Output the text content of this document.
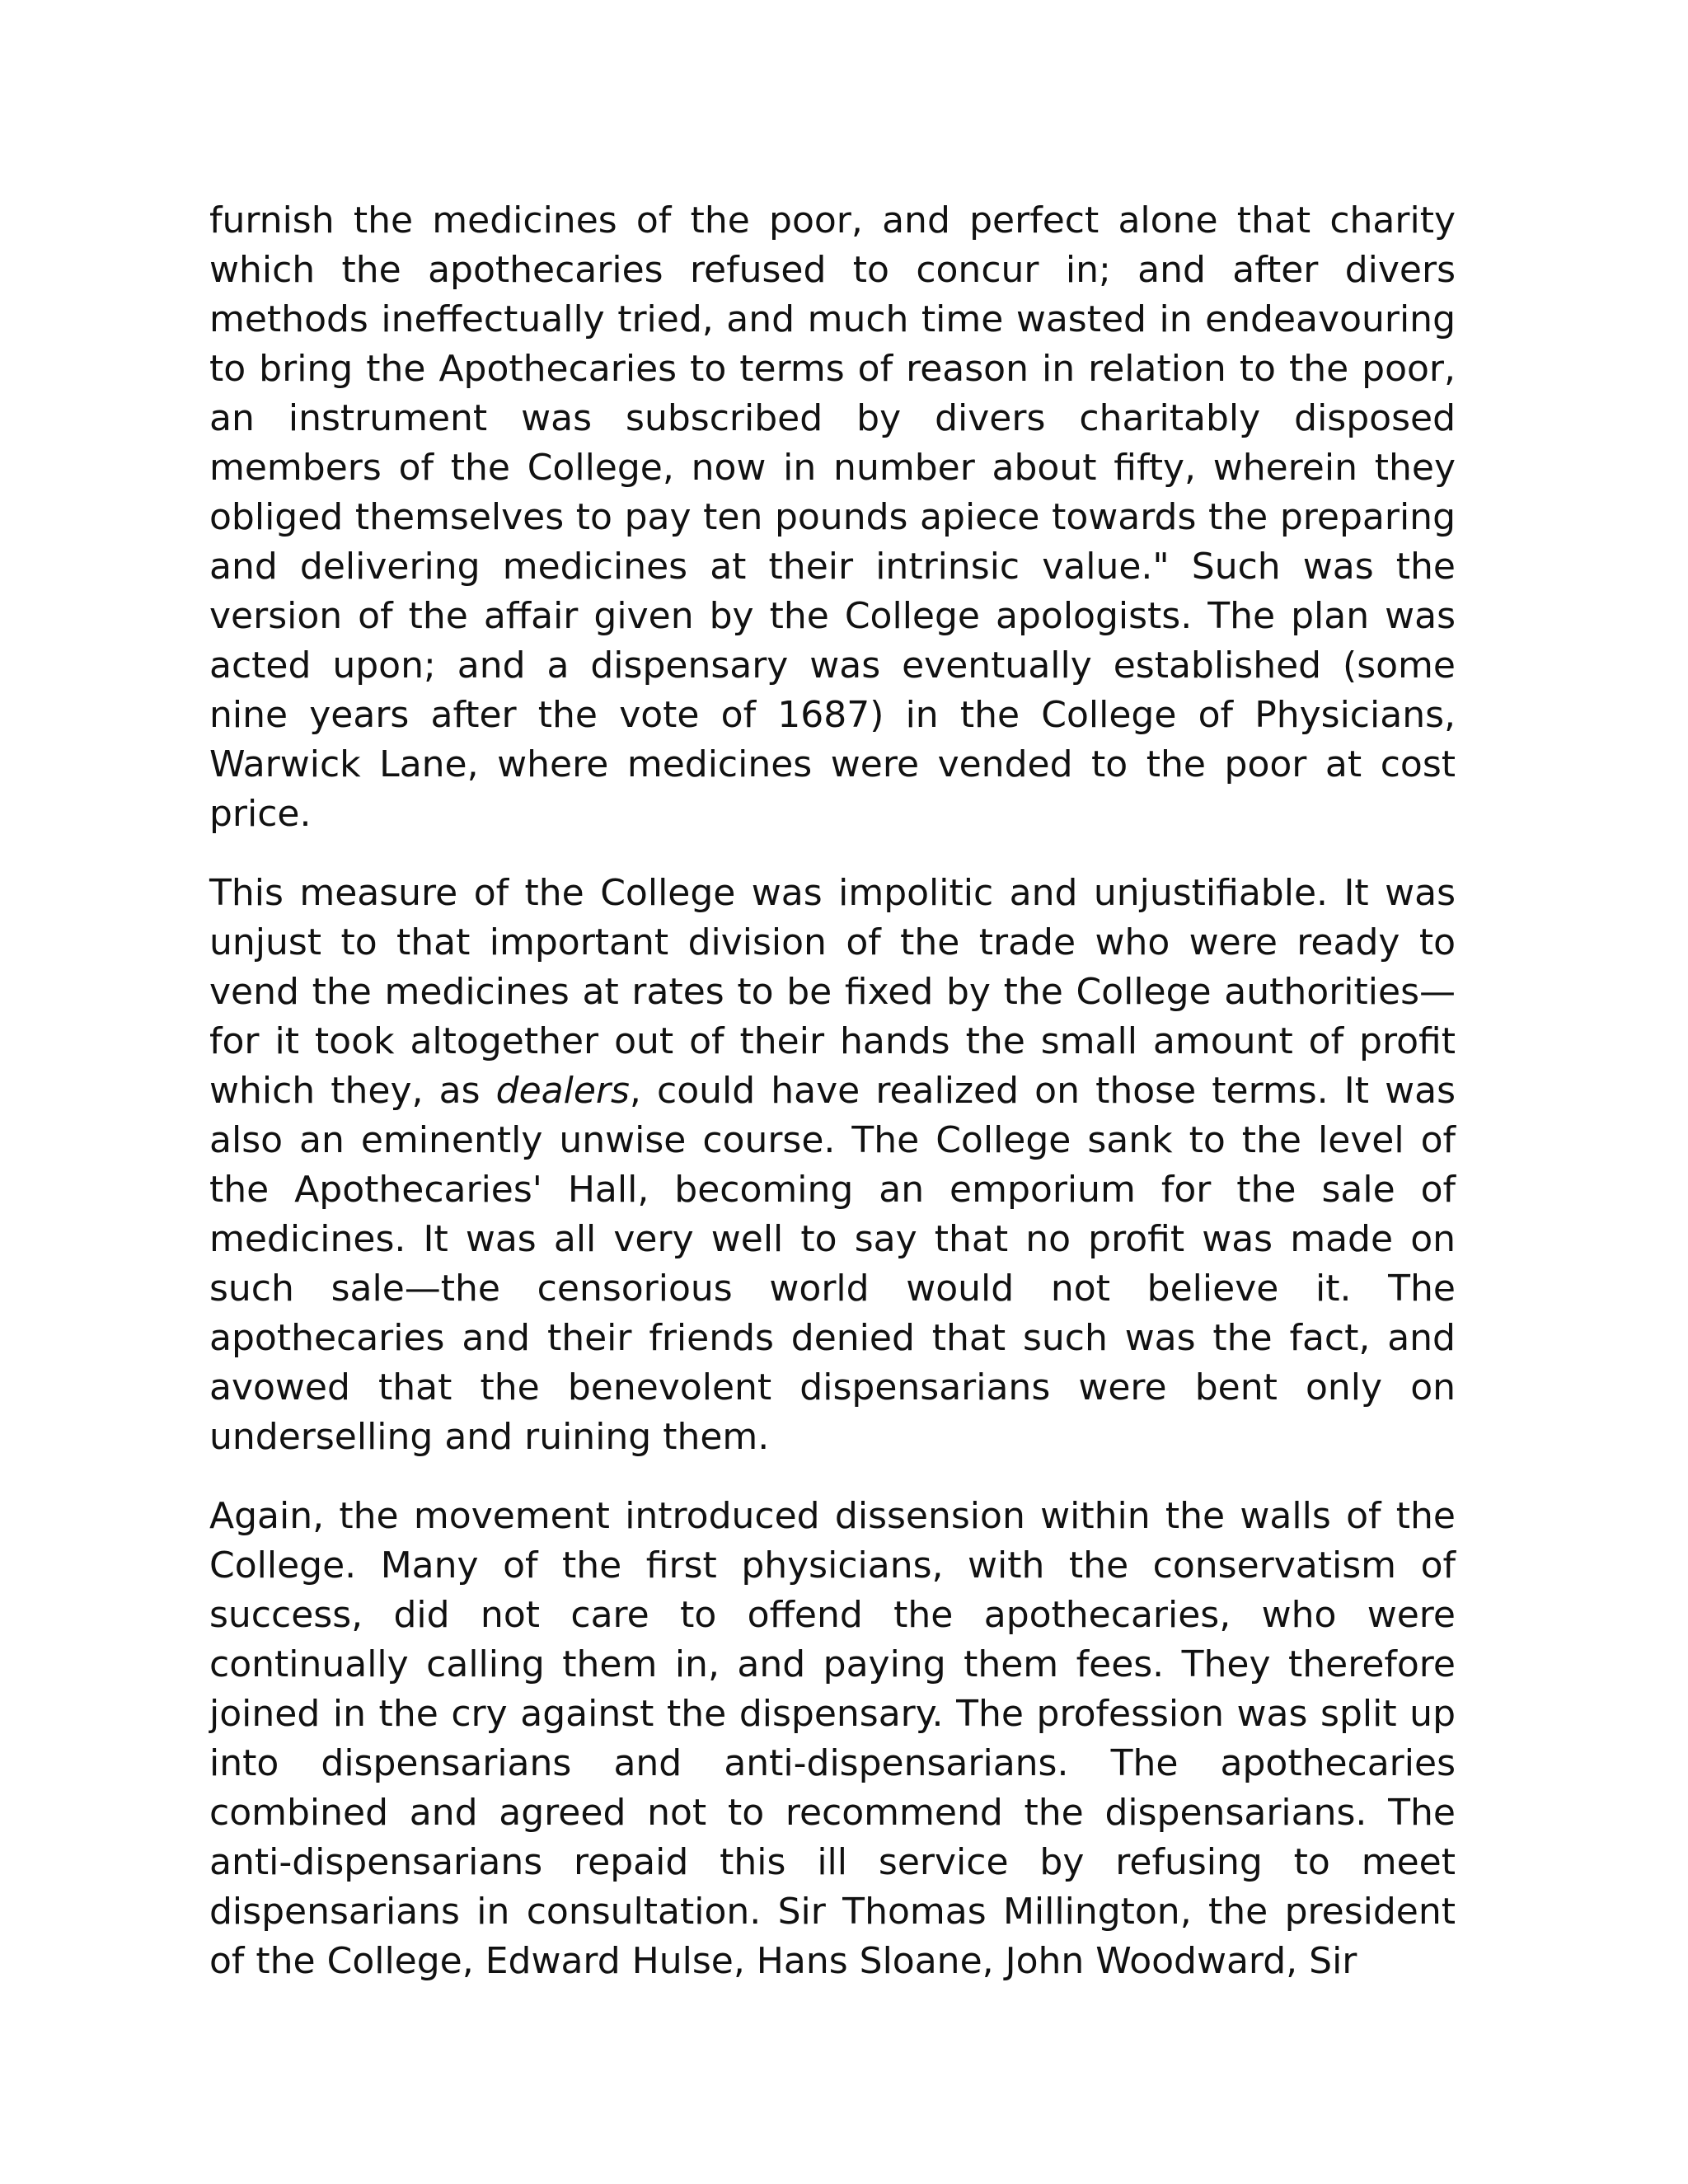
furnish the medicines of the poor, and perfect alone that charity which the apothecaries refused to concur in; and after divers methods ineffectually tried, and much time wasted in endeavouring to bring the Apothecaries to terms of reason in relation to the poor, an instrument was subscribed by divers charitably disposed members of the College, now in number about fifty, wherein they obliged themselves to pay ten pounds apiece towards the preparing and delivering medicines at their intrinsic value." Such was the version of the affair given by the College apologists. The plan was acted upon; and a dispensary was eventually established (some nine years after the vote of 1687) in the College of Physicians, Warwick Lane, where medicines were vended to the poor at cost price.

This measure of the College was impolitic and unjustifiable. It was unjust to that important division of the trade who were ready to vend the medicines at rates to be fixed by the College authorities—for it took altogether out of their hands the small amount of profit which they, as dealers, could have realized on those terms. It was also an eminently unwise course. The College sank to the level of the Apothecaries' Hall, becoming an emporium for the sale of medicines. It was all very well to say that no profit was made on such sale—the censorious world would not believe it. The apothecaries and their friends denied that such was the fact, and avowed that the benevolent dispensarians were bent only on underselling and ruining them.

Again, the movement introduced dissension within the walls of the College. Many of the first physicians, with the conservatism of success, did not care to offend the apothecaries, who were continually calling them in, and paying them fees. They therefore joined in the cry against the dispensary. The profession was split up into dispensarians and anti-dispensarians. The apothecaries combined and agreed not to recommend the dispensarians. The anti-dispensarians repaid this ill service by refusing to meet dispensarians in consultation. Sir Thomas Millington, the president of the College, Edward Hulse, Hans Sloane, John Woodward, Sir
